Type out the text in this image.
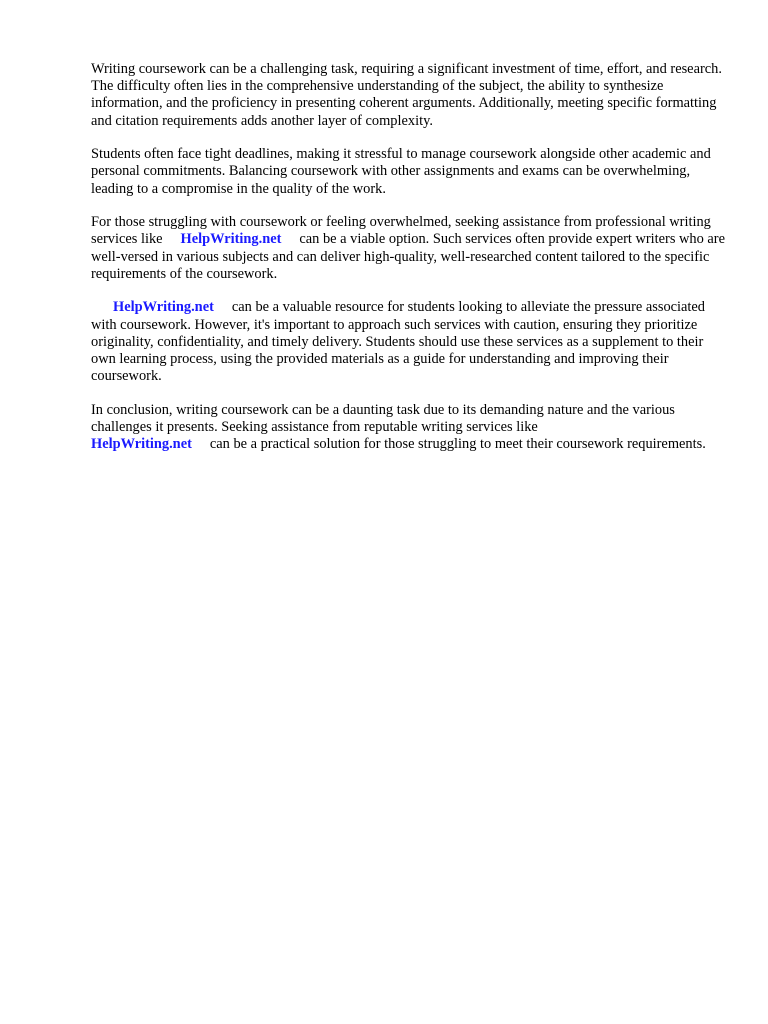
Writing coursework can be a challenging task, requiring a significant investment of time, effort, and research. The difficulty often lies in the comprehensive understanding of the subject, the ability to synthesize information, and the proficiency in presenting coherent arguments. Additionally, meeting specific formatting and citation requirements adds another layer of complexity.

Students often face tight deadlines, making it stressful to manage coursework alongside other academic and personal commitments. Balancing coursework with other assignments and exams can be overwhelming, leading to a compromise in the quality of the work.

For those struggling with coursework or feeling overwhelmed, seeking assistance from professional writing services like HelpWriting.net can be a viable option. Such services often provide expert writers who are well-versed in various subjects and can deliver high-quality, well-researched content tailored to the specific requirements of the coursework.

HelpWriting.net can be a valuable resource for students looking to alleviate the pressure associated with coursework. However, it's important to approach such services with caution, ensuring they prioritize originality, confidentiality, and timely delivery. Students should use these services as a supplement to their own learning process, using the provided materials as a guide for understanding and improving their coursework.

In conclusion, writing coursework can be a daunting task due to its demanding nature and the various challenges it presents. Seeking assistance from reputable writing services like
HelpWriting.net can be a practical solution for those struggling to meet their coursework requirements.
